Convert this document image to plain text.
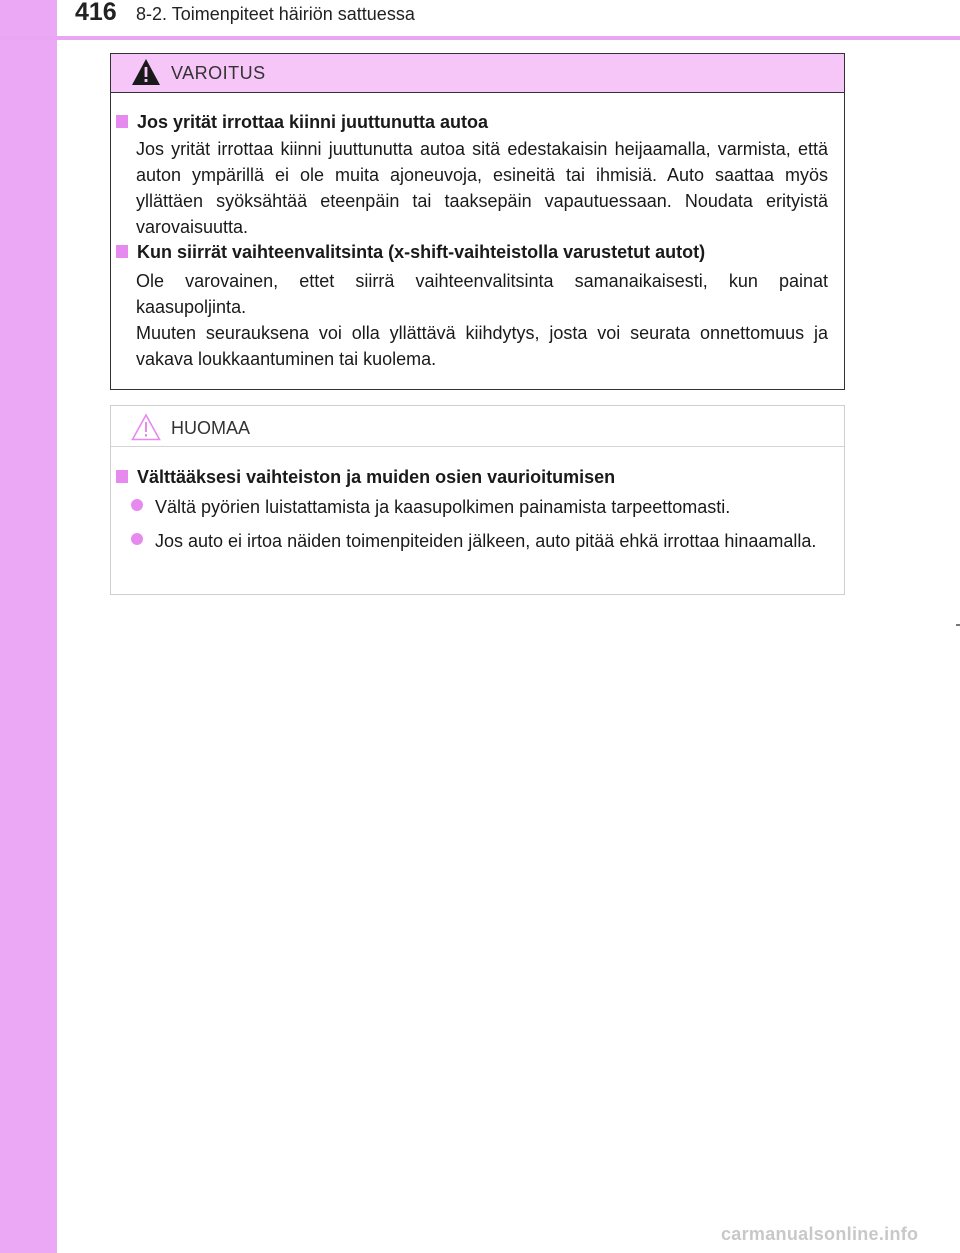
416 8-2. Toimenpiteet häiriön sattuessa
VAROITUS
Jos yrität irrottaa kiinni juuttunutta autoa
Jos yrität irrottaa kiinni juuttunutta autoa sitä edestakaisin heijaamalla, varmista, että auton ympärillä ei ole muita ajoneuvoja, esineitä tai ihmisiä. Auto saattaa myös yllättäen syöksähtää eteenpäin tai taaksepäin vapautuessaan. Noudata erityistä varovaisuutta.
Kun siirrät vaihteenvalitsinta (x-shift-vaihteistolla varustetut autot)
Ole varovainen, ettet siirrä vaihteenvalitsinta samanaikaisesti, kun painat kaasupoljinta.
Muuten seurauksena voi olla yllättävä kiihdytys, josta voi seurata onnettomuus ja vakava loukkaantuminen tai kuolema.
HUOMAA
Välttääksesi vaihteiston ja muiden osien vaurioitumisen
Vältä pyörien luistattamista ja kaasupolkimen painamista tarpeettomasti.
Jos auto ei irtoa näiden toimenpiteiden jälkeen, auto pitää ehkä irrottaa hinaamalla.
carmanualsonline.info
